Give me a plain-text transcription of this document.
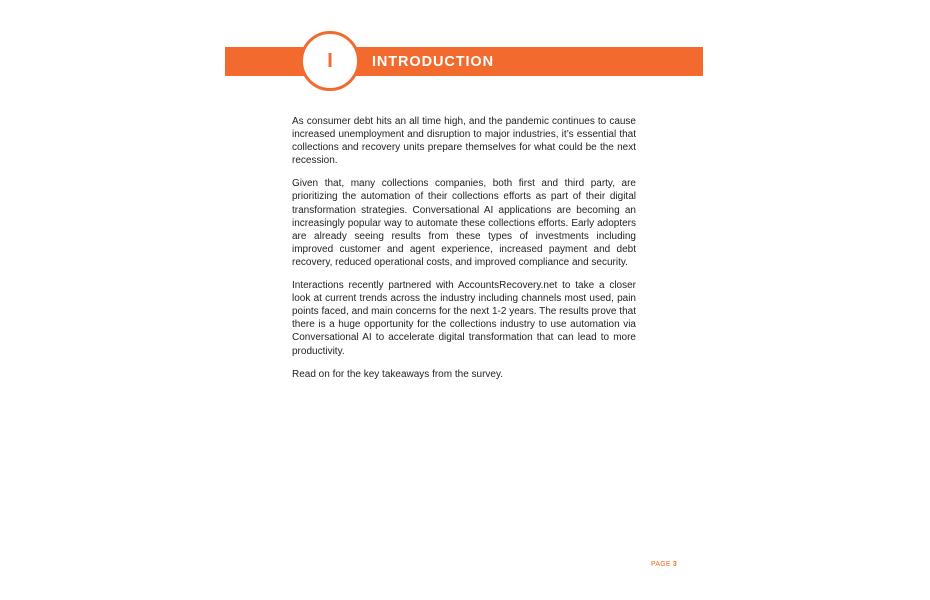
I	INTRODUCTION

As consumer debt hits an all time high, and the pandemic continues to cause increased unemployment and disruption to major industries, it’s essential that collections and recovery units prepare themselves for what could be the next recession.

Given that, many collections companies, both first and third party, are prioritizing the automation of their collections efforts as part of their digital transformation strategies. Conversational AI applications are becoming an increasingly popular way to automate these collections efforts. Early adopters are already seeing results from these types of investments including improved customer and agent experience, increased payment and debt recovery, reduced operational costs, and improved compliance and security.

Interactions recently partnered with AccountsRecovery.net to take a closer look at current trends across the industry including channels most used, pain points faced, and main concerns for the next 1-2 years. The results prove that there is a huge opportunity for the collections industry to use automation via Conversational AI to accelerate digital transformation that can lead to more productivity.

Read on for the key takeaways from the survey.

PAGE 3
